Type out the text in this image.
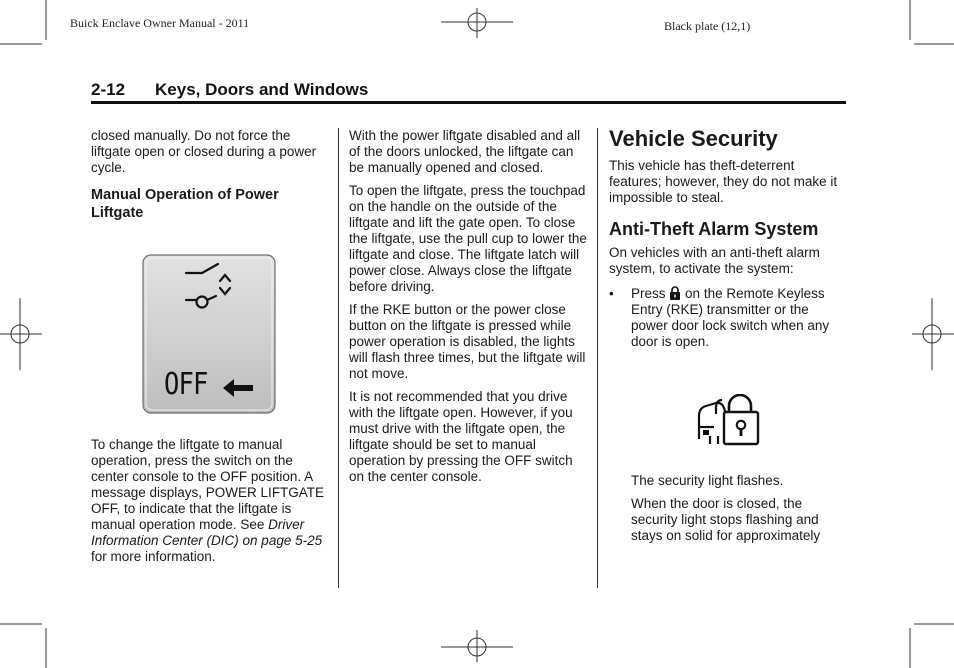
Buick Enclave Owner Manual - 2011	Black plate (12,1)
2-12 Keys, Doors and Windows

closed manually. Do not force the liftgate open or closed during a power cycle.

Manual Operation of Power Liftgate
OFF

To change the liftgate to manual operation, press the switch on the center console to the OFF position. A message displays, POWER LIFTGATE OFF, to indicate that the liftgate is manual operation mode. See Driver Information Center (DIC) on page 5-25 for more information.

With the power liftgate disabled and all of the doors unlocked, the liftgate can be manually opened and closed.

To open the liftgate, press the touchpad on the handle on the outside of the liftgate and lift the gate open. To close the liftgate, use the pull cup to lower the liftgate and close. The liftgate latch will power close. Always close the liftgate before driving.

If the RKE button or the power close button on the liftgate is pressed while power operation is disabled, the lights will flash three times, but the liftgate will not move.

It is not recommended that you drive with the liftgate open. However, if you must drive with the liftgate open, the liftgate should be set to manual operation by pressing the OFF switch on the center console.

Vehicle Security

This vehicle has theft-deterrent features; however, they do not make it impossible to steal.

Anti-Theft Alarm System

On vehicles with an anti-theft alarm system, to activate the system:

•	Press on the Remote Keyless Entry (RKE) transmitter or the power door lock switch when any door is open.

The security light flashes.

When the door is closed, the security light stops flashing and stays on solid for approximately
